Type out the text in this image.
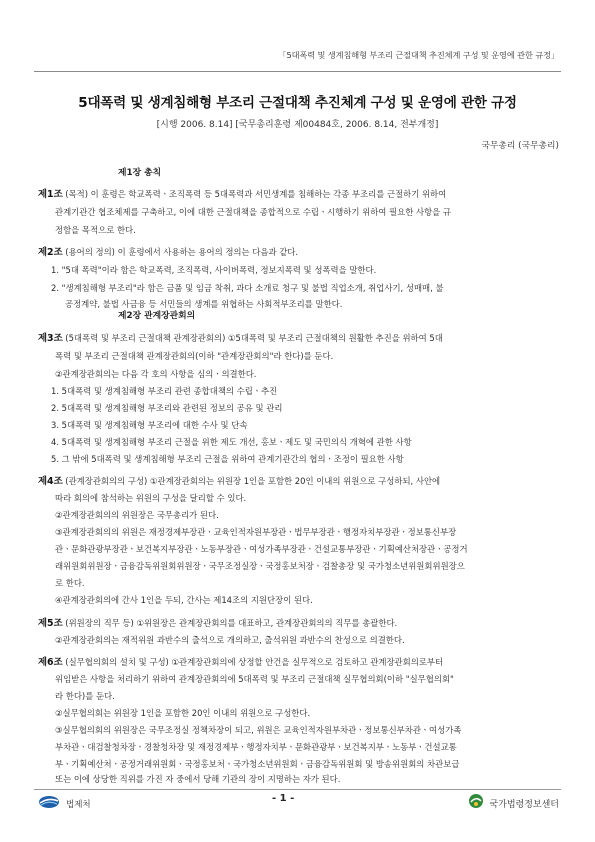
「5대폭력 및 생계침해형 부조리 근절대책 추진체계 구성 및 운영에 관한 규정」
5대폭력 및 생계침해형 부조리 근절대책 추진체계 구성 및 운영에 관한 규정
[시행 2006. 8.14] [국무총리훈령 제00484호, 2006. 8.14, 전부개정]
국무총리 (국무총리)
제1장 총칙
제1조 (목적) 이 훈령은 학교폭력ㆍ조직폭력 등 5대폭력과 서민생계를 침해하는 각종 부조리를 근절하기 위하여
관계기관간 협조체제를 구축하고, 이에 대한 근절대책을 종합적으로 수립ㆍ시행하기 위하여 필요한 사항을 규
정함을 목적으로 한다.
제2조 (용어의 정의) 이 훈령에서 사용하는 용어의 정의는 다음과 같다.
1. "5대 폭력"이라 함은 학교폭력, 조직폭력, 사이버폭력, 정보지폭력 및 성폭력을 말한다.
2. "생계침해형 부조리"라 함은 금품 및 임금 착취, 과다 소개료 청구 및 불법 직업소개, 취업사기, 성매매, 불
공정계약, 불법 사금융 등 서민들의 생계를 위협하는 사회적부조리를 말한다.
제2장 관계장관회의
제3조 (5대폭력 및 부조리 근절대책 관계장관회의) ①5대폭력 및 부조리 근절대책의 원활한 추진을 위하여 5대
폭력 및 부조리 근절대책 관계장관회의(이하 "관계장관회의"라 한다)를 둔다.
②관계장관회의는 다음 각 호의 사항을 심의ㆍ의결한다.
1. 5대폭력 및 생계침해형 부조리 관련 종합대책의 수립ㆍ추진
2. 5대폭력 및 생계침해형 부조리와 관련된 정보의 공유 및 관리
3. 5대폭력 및 생계침해형 부조리에 대한 수사 및 단속
4. 5대폭력 및 생계침해형 부조리 근절을 위한 제도 개선, 홍보ㆍ제도 및 국민의식 개혁에 관한 사항
5. 그 밖에 5대폭력 및 생계침해형 부조리 근절을 위하여 관계기관간의 협의ㆍ조정이 필요한 사항
제4조 (관계장관회의의 구성) ①관계장관회의는 위원장 1인을 포함한 20인 이내의 위원으로 구성하되, 사안에
따라 회의에 참석하는 위원의 구성을 달리할 수 있다.
②관계장관회의의 위원장은 국무총리가 된다.
③관계장관회의의 위원은 재정경제부장관ㆍ교육인적자원부장관ㆍ법무부장관ㆍ행정자치부장관ㆍ정보통신부장
관ㆍ문화관광부장관ㆍ보건복지부장관ㆍ노동부장관ㆍ여성가족부장관ㆍ건설교통부장관ㆍ기획예산처장관ㆍ공정거
래위원회위원장ㆍ금융감독위원회위원장ㆍ국무조정실장ㆍ국정홍보처장ㆍ검찰총장 및 국가청소년위원회위원장으
로 한다.
④관계장관회의에 간사 1인을 두되, 간사는 제14조의 지원단장이 된다.
제5조 (위원장의 직무 등) ①위원장은 관계장관회의를 대표하고, 관계장관회의의 직무를 총괄한다.
②관계장관회의는 재적위원 과반수의 출석으로 개의하고, 출석위원 과반수의 찬성으로 의결한다.
제6조 (실무협의회의 설치 및 구성) ①관계장관회의에 상정할 안건을 실무적으로 검토하고 관계장관회의로부터
위임받은 사항을 처리하기 위하여 관계장관회의에 5대폭력 및 부조리 근절대책 실무협의회(이하 "실무협의회"
라 한다)를 둔다.
②실무협의회는 위원장 1인을 포함한 20인 이내의 위원으로 구성한다.
③실무협의회의 위원장은 국무조정실 정책차장이 되고, 위원은 교육인적자원부차관ㆍ정보통신부차관ㆍ여성가족
부차관ㆍ대검찰청차장ㆍ경찰청차장 및 재정경제부ㆍ행정자치부ㆍ문화관광부ㆍ보건복지부ㆍ노동부ㆍ건설교통
부ㆍ기획예산처ㆍ공정거래위원회ㆍ국정홍보처ㆍ국가청소년위원회ㆍ금융감독위원회 및 방송위원회의 차관보급
또는 이에 상당한 직위를 가진 자 중에서 당해 기관의 장이 지명하는 자가 된다.
법제처
- 1 -
국가법령정보센터
